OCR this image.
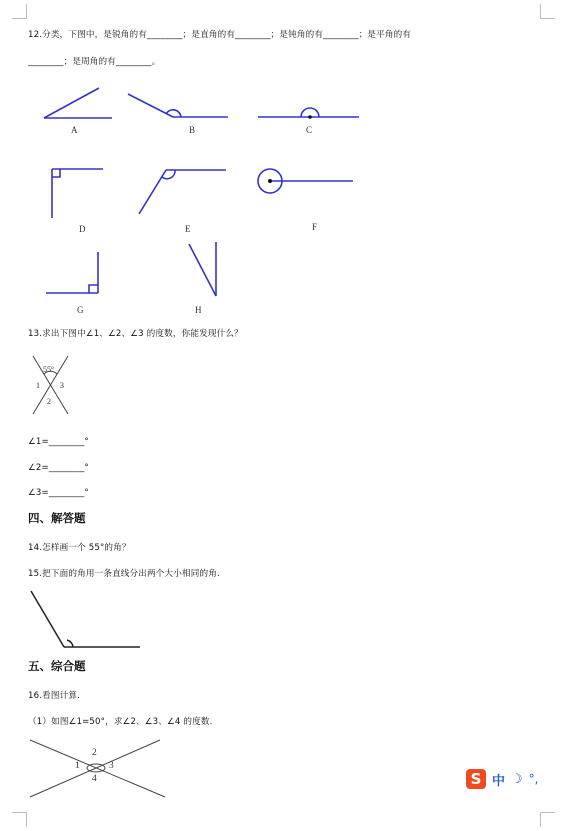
12.分类，下图中，是锐角的有________；是直角的有________；是钝角的有________；是平角的有
________；是周角的有________。
A	B	C
D	E	F
G	H
13.求出下图中∠1、∠2、∠3 的度数，你能发现什么？
55°
1	3
2
∠1=________°
∠2=________°
∠3=________°
四、解答题
14.怎样画一个 55°的角？
15.把下面的角用一条直线分出两个大小相同的角.
五、综合题
16.看图计算.
（1）如图∠1=50°，求∠2、∠3、∠4 的度数.
2
1	3
4	S 中 ☽ °,
